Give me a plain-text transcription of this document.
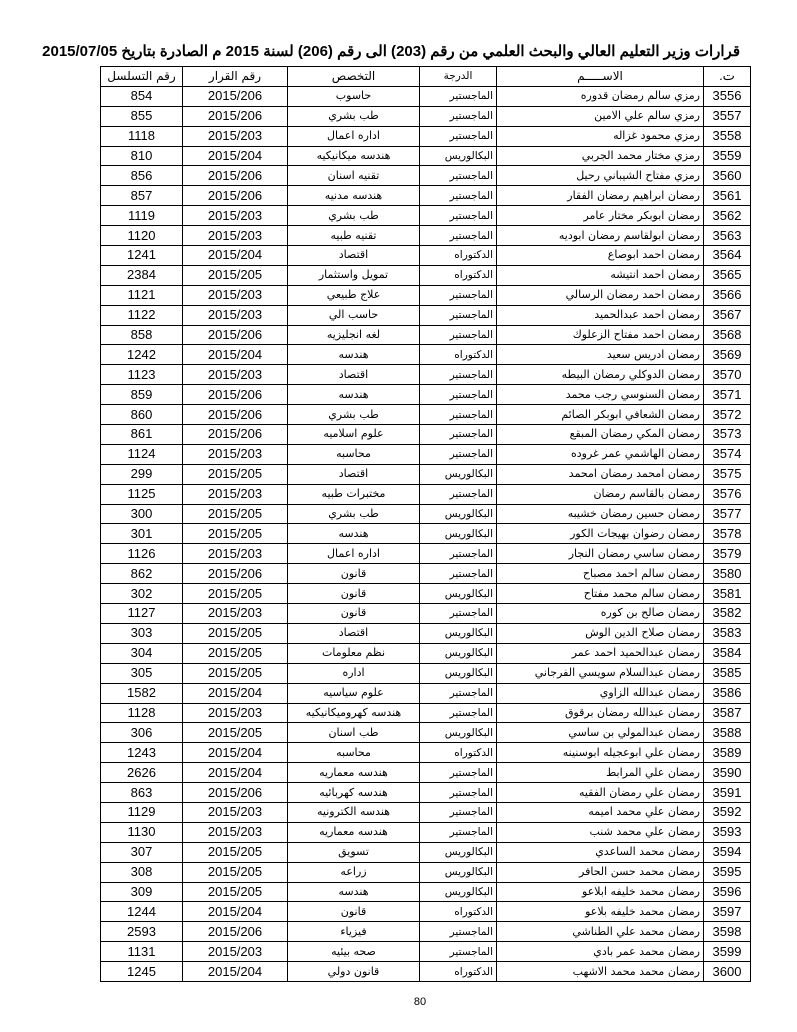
قرارات وزير التعليم العالي والبحث العلمي من رقم (203) الى رقم (206) لسنة 2015 م الصادرة بتاريخ 2015/07/05
ت.	الاســـــم	الدرجة	التخصص	رقم القرار	رقم التسلسل
3556	رمزي سالم رمضان قدوره	الماجستير	حاسوب	2015/206	854
3557	رمزي سالم علي الامين	الماجستير	طب بشري	2015/206	855
3558	رمزي محمود غزاله	الماجستير	اداره اعمال	2015/203	1118
3559	رمزي مختار محمد الجربي	البكالوريس	هندسه ميكانيكيه	2015/204	810
3560	رمزي مفتاح الشيباني رحيل	الماجستير	تقنيه اسنان	2015/206	856
3561	رمضان ابراهيم رمضان الفقار	الماجستير	هندسه مدنيه	2015/206	857
3562	رمضان ابوبكر مختار عامر	الماجستير	طب بشري	2015/203	1119
3563	رمضان ابولقاسم رمضان ابوديه	الماجستير	تقنيه طبيه	2015/203	1120
3564	رمضان احمد ابوصاع	الدكتوراه	اقتصاد	2015/204	1241
3565	رمضان احمد انتيشه	الدكتوراه	تمويل واستثمار	2015/205	2384
3566	رمضان احمد رمضان الرسالي	الماجستير	علاج طبيعي	2015/203	1121
3567	رمضان احمد عبدالحميد	الماجستير	حاسب الي	2015/203	1122
3568	رمضان احمد مفتاح الزعلوك	الماجستير	لغه انجليزيه	2015/206	858
3569	رمضان ادريس سعيد	الدكتوراه	هندسه	2015/204	1242
3570	رمضان الدوكلي رمضان البيطه	الماجستير	اقتصاد	2015/203	1123
3571	رمضان السنوسي رجب محمد	الماجستير	هندسه	2015/206	859
3572	رمضان الشعافي ابوبكر الصائم	الماجستير	طب بشري	2015/206	860
3573	رمضان المكي رمضان المبقع	الماجستير	علوم اسلاميه	2015/206	861
3574	رمضان الهاشمي عمر غروده	الماجستير	محاسبه	2015/203	1124
3575	رمضان امحمد رمضان امحمد	البكالوريس	اقتصاد	2015/205	299
3576	رمضان بالقاسم رمضان	الماجستير	مختبرات طبيه	2015/203	1125
3577	رمضان حسين رمضان خشيبه	البكالوريس	طب بشري	2015/205	300
3578	رمضان رضوان بهيجات الكور	البكالوريس	هندسه	2015/205	301
3579	رمضان ساسي رمضان النجار	الماجستير	اداره اعمال	2015/203	1126
3580	رمضان سالم احمد مصباح	الماجستير	قانون	2015/206	862
3581	رمضان سالم محمد مفتاح	البكالوريس	قانون	2015/205	302
3582	رمضان صالح بن كوره	الماجستير	قانون	2015/203	1127
3583	رمضان صلاح الدين الوش	البكالوريس	اقتصاد	2015/205	303
3584	رمضان عبدالحميد احمد عمر	البكالوريس	نظم معلومات	2015/205	304
3585	رمضان عبدالسلام سويسي الفرجاني	البكالوريس	اداره	2015/205	305
3586	رمضان عبدالله الزاوي	الماجستير	علوم سياسيه	2015/204	1582
3587	رمضان عبدالله رمضان برقوق	الماجستير	هندسه كهروميكانيكيه	2015/203	1128
3588	رمضان عبدالمولي بن ساسي	البكالوريس	طب اسنان	2015/205	306
3589	رمضان علي ابوعجيله ابوسنينه	الدكتوراه	محاسبه	2015/204	1243
3590	رمضان علي المرابط	الماجستير	هندسه معماريه	2015/204	2626
3591	رمضان علي رمضان الفقيه	الماجستير	هندسه كهربائيه	2015/206	863
3592	رمضان علي محمد اميمه	الماجستير	هندسه الكترونيه	2015/203	1129
3593	رمضان علي محمد شنب	الماجستير	هندسه معماريه	2015/203	1130
3594	رمضان محمد الساعدي	البكالوريس	تسويق	2015/205	307
3595	رمضان محمد حسن الحافر	البكالوريس	زراعه	2015/205	308
3596	رمضان محمد خليفه ابلاعو	البكالوريس	هندسه	2015/205	309
3597	رمضان محمد خليفه بلاعو	الدكتوراه	قانون	2015/204	1244
3598	رمضان محمد علي الطناشي	الماجستير	فيزياء	2015/206	2593
3599	رمضان محمد عمر بادي	الماجستير	صحه بيئيه	2015/203	1131
3600	رمضان محمد محمد الاشهب	الدكتوراه	قانون دولي	2015/204	1245
80
